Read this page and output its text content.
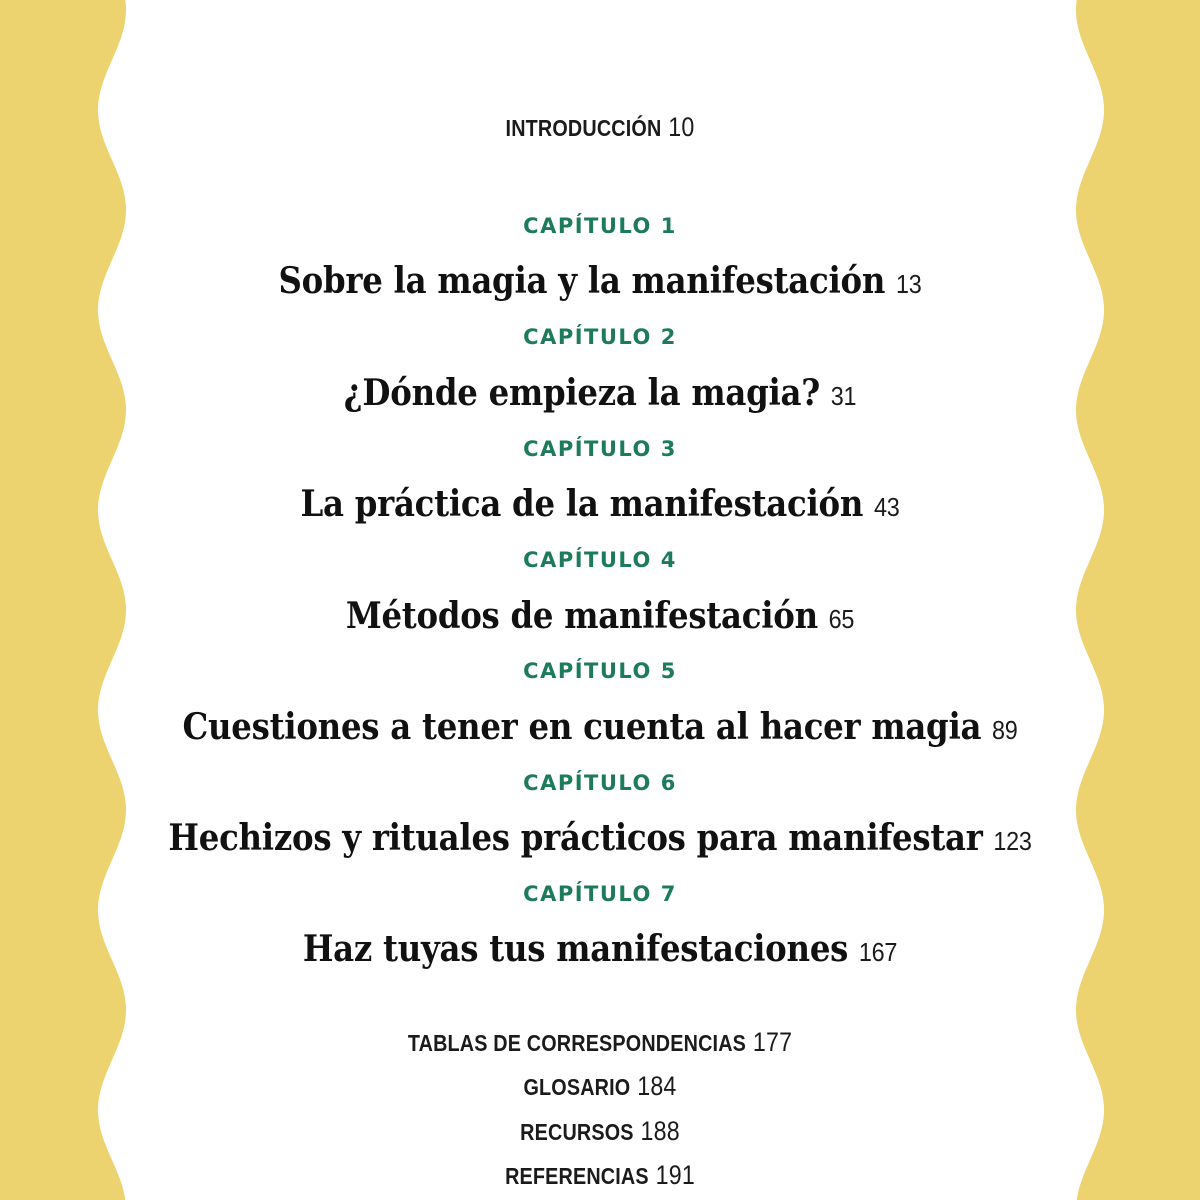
INTRODUCCIÓN 10
CAPÍTULO 1
Sobre la magia y la manifestación 13
CAPÍTULO 2
¿Dónde empieza la magia? 31
CAPÍTULO 3
La práctica de la manifestación 43
CAPÍTULO 4
Métodos de manifestación 65
CAPÍTULO 5
Cuestiones a tener en cuenta al hacer magia 89
CAPÍTULO 6
Hechizos y rituales prácticos para manifestar 123
CAPÍTULO 7
Haz tuyas tus manifestaciones 167
TABLAS DE CORRESPONDENCIAS 177
GLOSARIO 184
RECURSOS 188
REFERENCIAS 191
